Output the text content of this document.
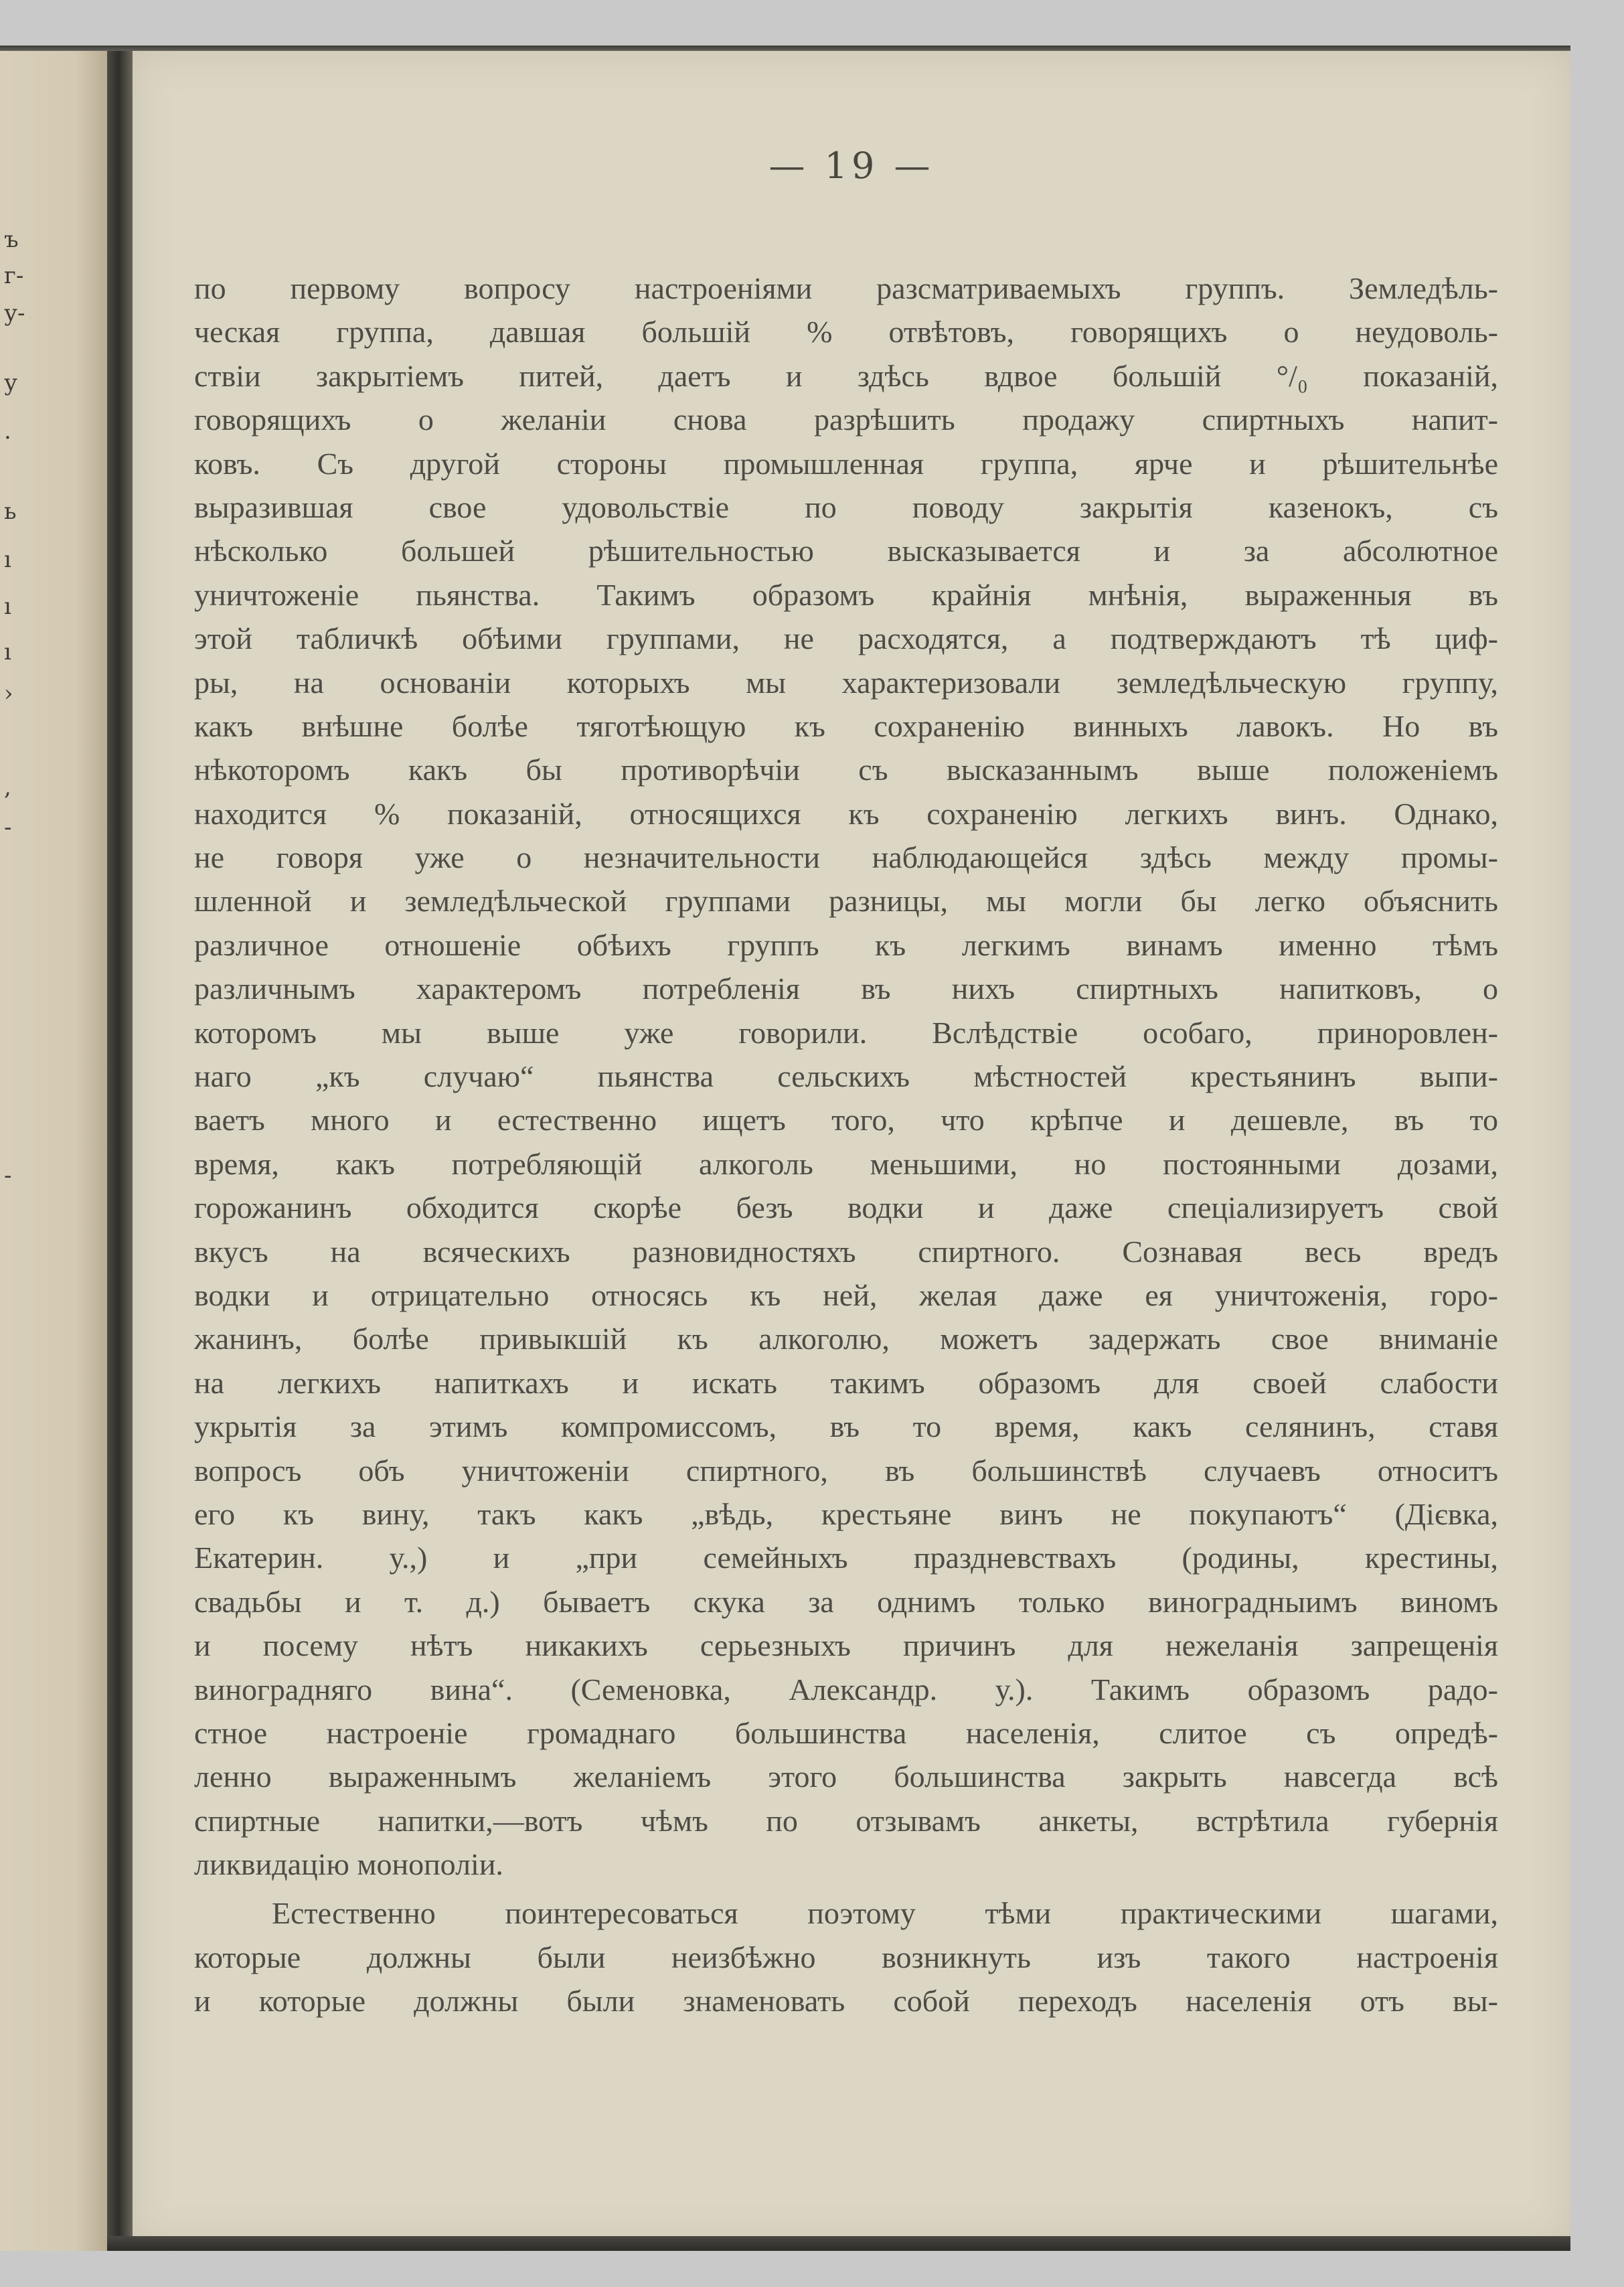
ъ
г-
у-
у
.
ь
ı
ı
ı
›
,
-
-
— 19 —
по первому вопросу настроеніями разсматриваемыхъ группъ. Земледѣль-
ческая группа, давшая большій % отвѣтовъ, говорящихъ о неудоволь-
ствіи закрытіемъ питей, даетъ и здѣсь вдвое большій °/₀ показаній,
говорящихъ о желаніи снова разрѣшить продажу спиртныхъ напит-
ковъ. Съ другой стороны промышленная группа, ярче и рѣшительнѣе
выразившая свое удовольствіе по поводу закрытія казенокъ, съ
нѣсколько большей рѣшительностью высказывается и за абсолютное
уничтоженіе пьянства. Такимъ образомъ крайнія мнѣнія, выраженныя въ
этой табличкѣ обѣими группами, не расходятся, а подтверждаютъ тѣ циф-
ры, на основаніи которыхъ мы характеризовали земледѣльческую группу,
какъ внѣшне болѣе тяготѣющую къ сохраненію винныхъ лавокъ. Но въ
нѣкоторомъ какъ бы противорѣчіи съ высказаннымъ выше положеніемъ
находится % показаній, относящихся къ сохраненію легкихъ винъ. Однако,
не говоря уже о незначительности наблюдающейся здѣсь между промы-
шленной и земледѣльческой группами разницы, мы могли бы легко объяснить
различное отношеніе обѣихъ группъ къ легкимъ винамъ именно тѣмъ
различнымъ характеромъ потребленія въ нихъ спиртныхъ напитковъ, о
которомъ мы выше уже говорили. Вслѣдствіе особаго, приноровлен-
наго „къ случаю“ пьянства сельскихъ мѣстностей крестьянинъ выпи-
ваетъ много и естественно ищетъ того, что крѣпче и дешевле, въ то
время, какъ потребляющій алкоголь меньшими, но постоянными дозами,
горожанинъ обходится скорѣе безъ водки и даже спеціализируетъ свой
вкусъ на всяческихъ разновидностяхъ спиртного. Сознавая весь вредъ
водки и отрицательно относясь къ ней, желая даже ея уничтоженія, горо-
жанинъ, болѣе привыкшій къ алкоголю, можетъ задержать свое вниманіе
на легкихъ напиткахъ и искать такимъ образомъ для своей слабости
укрытія за этимъ компромиссомъ, въ то время, какъ селянинъ, ставя
вопросъ объ уничтоженіи спиртного, въ большинствѣ случаевъ относитъ
его къ вину, такъ какъ „вѣдь, крестьяне винъ не покупаютъ“ (Дієвка,
Екатерин. у.,) и „при семейныхъ праздневствахъ (родины, крестины,
свадьбы и т. д.) бываетъ скука за однимъ только виноградныимъ виномъ
и посему нѣтъ никакихъ серьезныхъ причинъ для нежеланія запрещенія
виноградняго вина“. (Семеновка, Александр. у.). Такимъ образомъ радо-
стное настроеніе громаднаго большинства населенія, слитое съ опредѣ-
ленно выраженнымъ желаніемъ этого большинства закрыть навсегда всѣ
спиртные напитки,—вотъ чѣмъ по отзывамъ анкеты, встрѣтила губернія
ликвидацію монополіи.
Естественно поинтересоваться поэтому тѣми практическими шагами,
которые должны были неизбѣжно возникнуть изъ такого настроенія
и которые должны были знаменовать собой переходъ населенія отъ вы-
